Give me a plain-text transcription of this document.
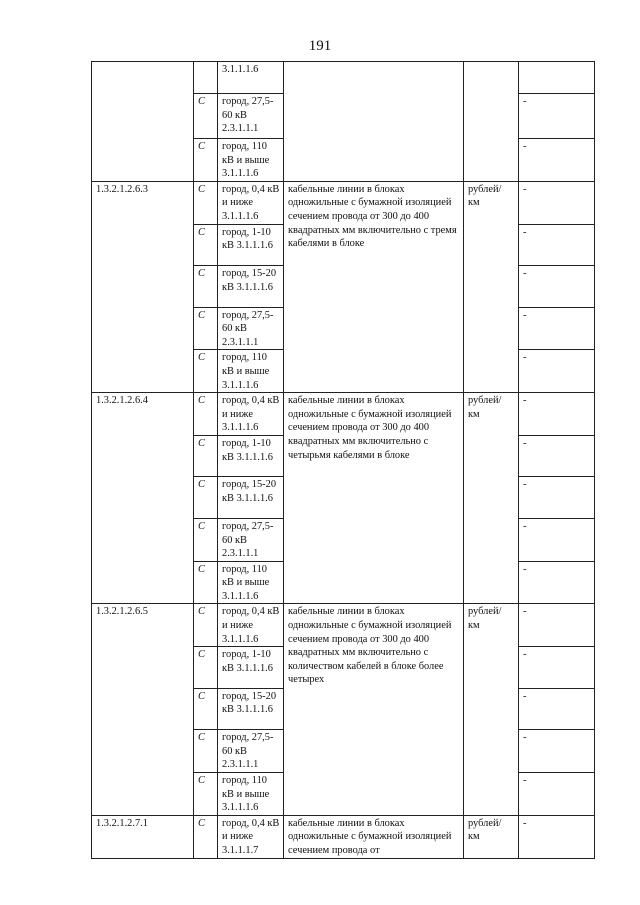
191
		3.1.1.1.6			
	С	город, 27,5-60 кВ 2.3.1.1.1			-
	С	город, 110 кВ и выше 3.1.1.1.6			-
1.3.2.1.2.6.3	С	город, 0,4 кВ и ниже 3.1.1.1.6	кабельные линии в блоках одножильные с бумажной изоляцией сечением провода от 300 до 400 квадратных мм включительно с тремя кабелями в блоке	рублей/ км	-
	С	город, 1-10 кВ 3.1.1.1.6			-
	С	город, 15-20 кВ 3.1.1.1.6			-
	С	город, 27,5-60 кВ 2.3.1.1.1			-
	С	город, 110 кВ и выше 3.1.1.1.6			-
1.3.2.1.2.6.4	С	город, 0,4 кВ и ниже 3.1.1.1.6	кабельные линии в блоках одножильные с бумажной изоляцией сечением провода от 300 до 400 квадратных мм включительно с четырьмя кабелями в блоке	рублей/ км	-
	С	город, 1-10 кВ 3.1.1.1.6			-
	С	город, 15-20 кВ 3.1.1.1.6			-
	С	город, 27,5-60 кВ 2.3.1.1.1			-
	С	город, 110 кВ и выше 3.1.1.1.6			-
1.3.2.1.2.6.5	С	город, 0,4 кВ и ниже 3.1.1.1.6	кабельные линии в блоках одножильные с бумажной изоляцией сечением провода от 300 до 400 квадратных мм включительно с количеством кабелей в блоке более четырех	рублей/ км	-
	С	город, 1-10 кВ 3.1.1.1.6			-
	С	город, 15-20 кВ 3.1.1.1.6			-
	С	город, 27,5-60 кВ 2.3.1.1.1			-
	С	город, 110 кВ и выше 3.1.1.1.6			-
1.3.2.1.2.7.1	С	город, 0,4 кВ и ниже 3.1.1.1.7	кабельные линии в блоках одножильные с бумажной изоляцией сечением провода от	рублей/ км	-
